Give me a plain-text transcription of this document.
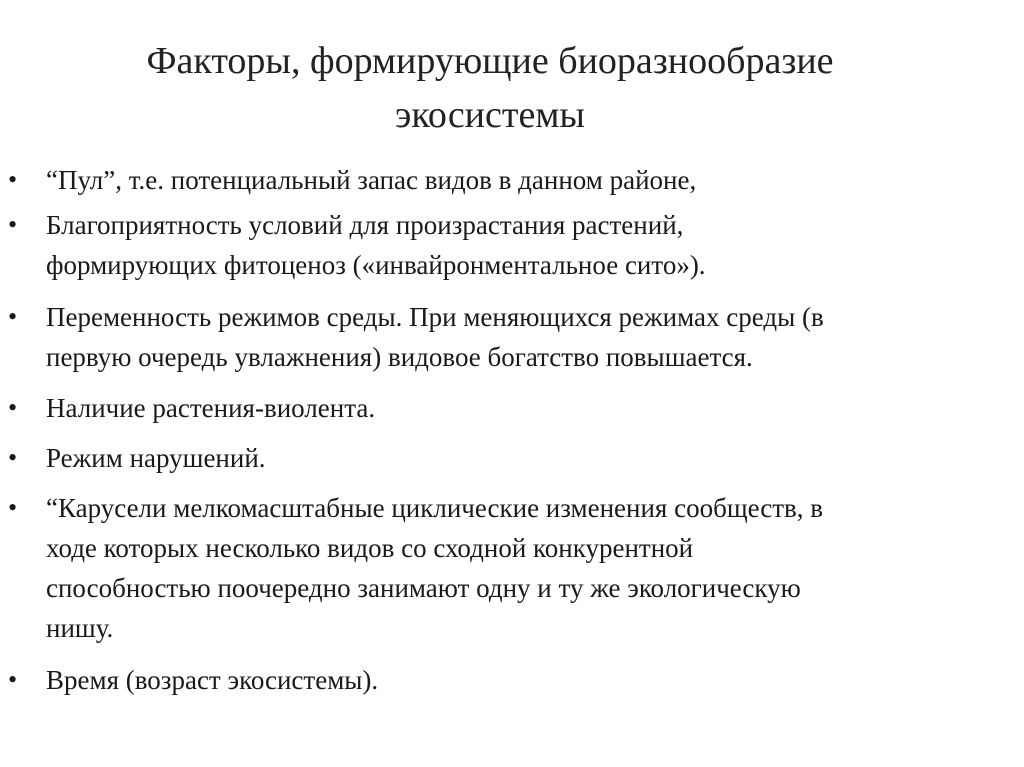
Факторы, формирующие биоразнообразие
экосистемы
• “Пул”, т.е. потенциальный запас видов в данном районе,
• Благоприятность условий для произрастания растений,
формирующих фитоценоз («инвайронментальное сито»).
• Переменность режимов среды. При меняющихся режимах среды (в
первую очередь увлажнения) видовое богатство повышается.
• Наличие растения-виолента.
• Режим нарушений.
• “Карусели мелкомасштабные циклические изменения сообществ, в
ходе которых несколько видов со сходной конкурентной
способностью поочередно занимают одну и ту же экологическую
нишу.
• Время (возраст экосистемы).
